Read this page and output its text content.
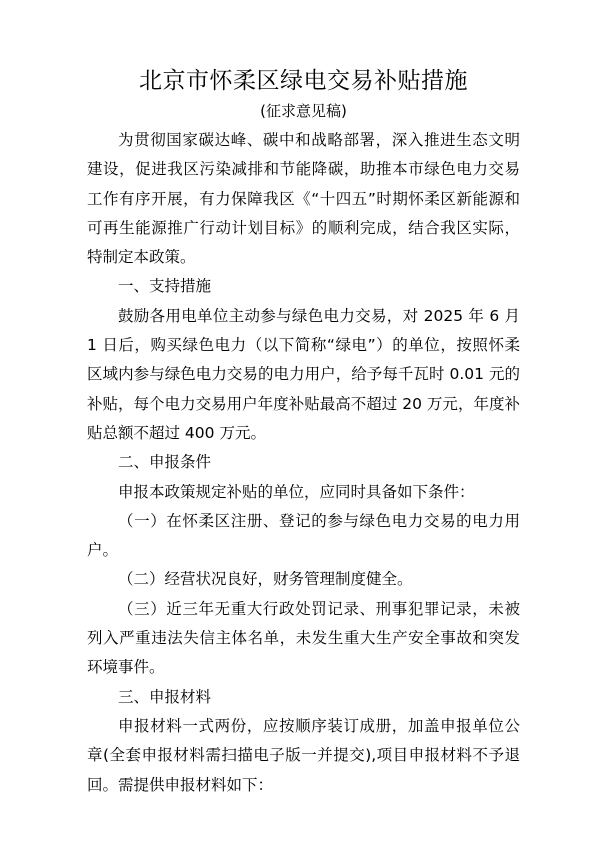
北京市怀柔区绿电交易补贴措施
(征求意见稿)

为贯彻国家碳达峰、碳中和战略部署，深入推进生态文明建设，促进我区污染减排和节能降碳，助推本市绿色电力交易工作有序开展，有力保障我区《“十四五”时期怀柔区新能源和可再生能源推广行动计划目标》的顺利完成，结合我区实际，特制定本政策。

一、支持措施

鼓励各用电单位主动参与绿色电力交易，对 2025 年 6 月 1 日后，购买绿色电力（以下简称“绿电”）的单位，按照怀柔区域内参与绿色电力交易的电力用户，给予每千瓦时 0.01 元的补贴，每个电力交易用户年度补贴最高不超过 20 万元，年度补贴总额不超过 400 万元。

二、申报条件

申报本政策规定补贴的单位，应同时具备如下条件：

（一）在怀柔区注册、登记的参与绿色电力交易的电力用户。

（二）经营状况良好，财务管理制度健全。

（三）近三年无重大行政处罚记录、刑事犯罪记录，未被列入严重违法失信主体名单，未发生重大生产安全事故和突发环境事件。

三、申报材料

申报材料一式两份，应按顺序装订成册，加盖申报单位公章(全套申报材料需扫描电子版一并提交),项目申报材料不予退回。需提供申报材料如下：
